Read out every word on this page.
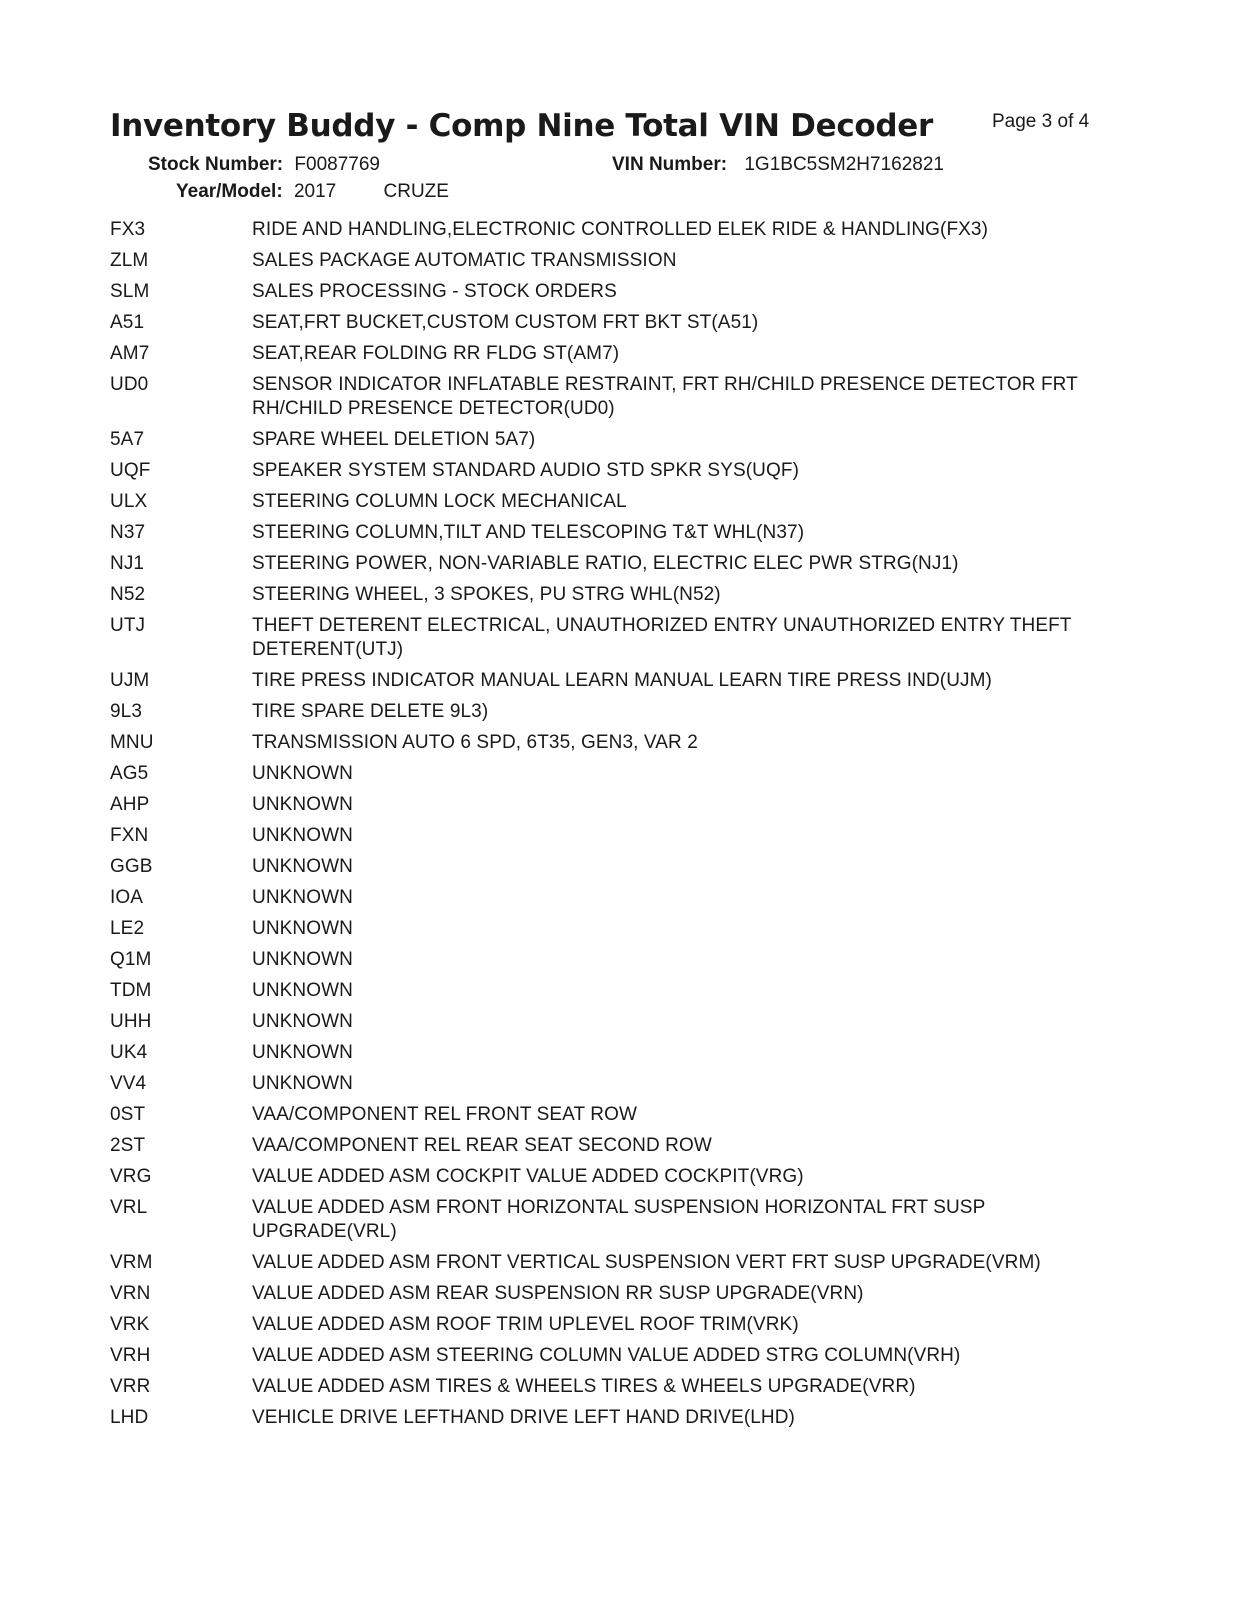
Inventory Buddy - Comp Nine Total VIN Decoder	Page 3 of 4
Stock Number: F0087769	VIN Number: 1G1BC5SM2H7162821
Year/Model: 2017 CRUZE
FX3	RIDE AND HANDLING,ELECTRONIC CONTROLLED ELEK RIDE & HANDLING(FX3)
ZLM	SALES PACKAGE AUTOMATIC TRANSMISSION
SLM	SALES PROCESSING - STOCK ORDERS
A51	SEAT,FRT BUCKET,CUSTOM CUSTOM FRT BKT ST(A51)
AM7	SEAT,REAR FOLDING RR FLDG ST(AM7)
UD0	SENSOR INDICATOR INFLATABLE RESTRAINT, FRT RH/CHILD PRESENCE DETECTOR FRT RH/CHILD PRESENCE DETECTOR(UD0)
5A7	SPARE WHEEL DELETION 5A7)
UQF	SPEAKER SYSTEM STANDARD AUDIO STD SPKR SYS(UQF)
ULX	STEERING COLUMN LOCK MECHANICAL
N37	STEERING COLUMN,TILT AND TELESCOPING T&T WHL(N37)
NJ1	STEERING POWER, NON-VARIABLE RATIO, ELECTRIC ELEC PWR STRG(NJ1)
N52	STEERING WHEEL, 3 SPOKES, PU STRG WHL(N52)
UTJ	THEFT DETERENT ELECTRICAL, UNAUTHORIZED ENTRY UNAUTHORIZED ENTRY THEFT DETERENT(UTJ)
UJM	TIRE PRESS INDICATOR MANUAL LEARN MANUAL LEARN TIRE PRESS IND(UJM)
9L3	TIRE SPARE DELETE 9L3)
MNU	TRANSMISSION AUTO 6 SPD, 6T35, GEN3, VAR 2
AG5	UNKNOWN
AHP	UNKNOWN
FXN	UNKNOWN
GGB	UNKNOWN
IOA	UNKNOWN
LE2	UNKNOWN
Q1M	UNKNOWN
TDM	UNKNOWN
UHH	UNKNOWN
UK4	UNKNOWN
VV4	UNKNOWN
0ST	VAA/COMPONENT REL FRONT SEAT ROW
2ST	VAA/COMPONENT REL REAR SEAT SECOND ROW
VRG	VALUE ADDED ASM COCKPIT VALUE ADDED COCKPIT(VRG)
VRL	VALUE ADDED ASM FRONT HORIZONTAL SUSPENSION HORIZONTAL FRT SUSP UPGRADE(VRL)
VRM	VALUE ADDED ASM FRONT VERTICAL SUSPENSION VERT FRT SUSP UPGRADE(VRM)
VRN	VALUE ADDED ASM REAR SUSPENSION RR SUSP UPGRADE(VRN)
VRK	VALUE ADDED ASM ROOF TRIM UPLEVEL ROOF TRIM(VRK)
VRH	VALUE ADDED ASM STEERING COLUMN VALUE ADDED STRG COLUMN(VRH)
VRR	VALUE ADDED ASM TIRES & WHEELS TIRES & WHEELS UPGRADE(VRR)
LHD	VEHICLE DRIVE LEFTHAND DRIVE LEFT HAND DRIVE(LHD)
